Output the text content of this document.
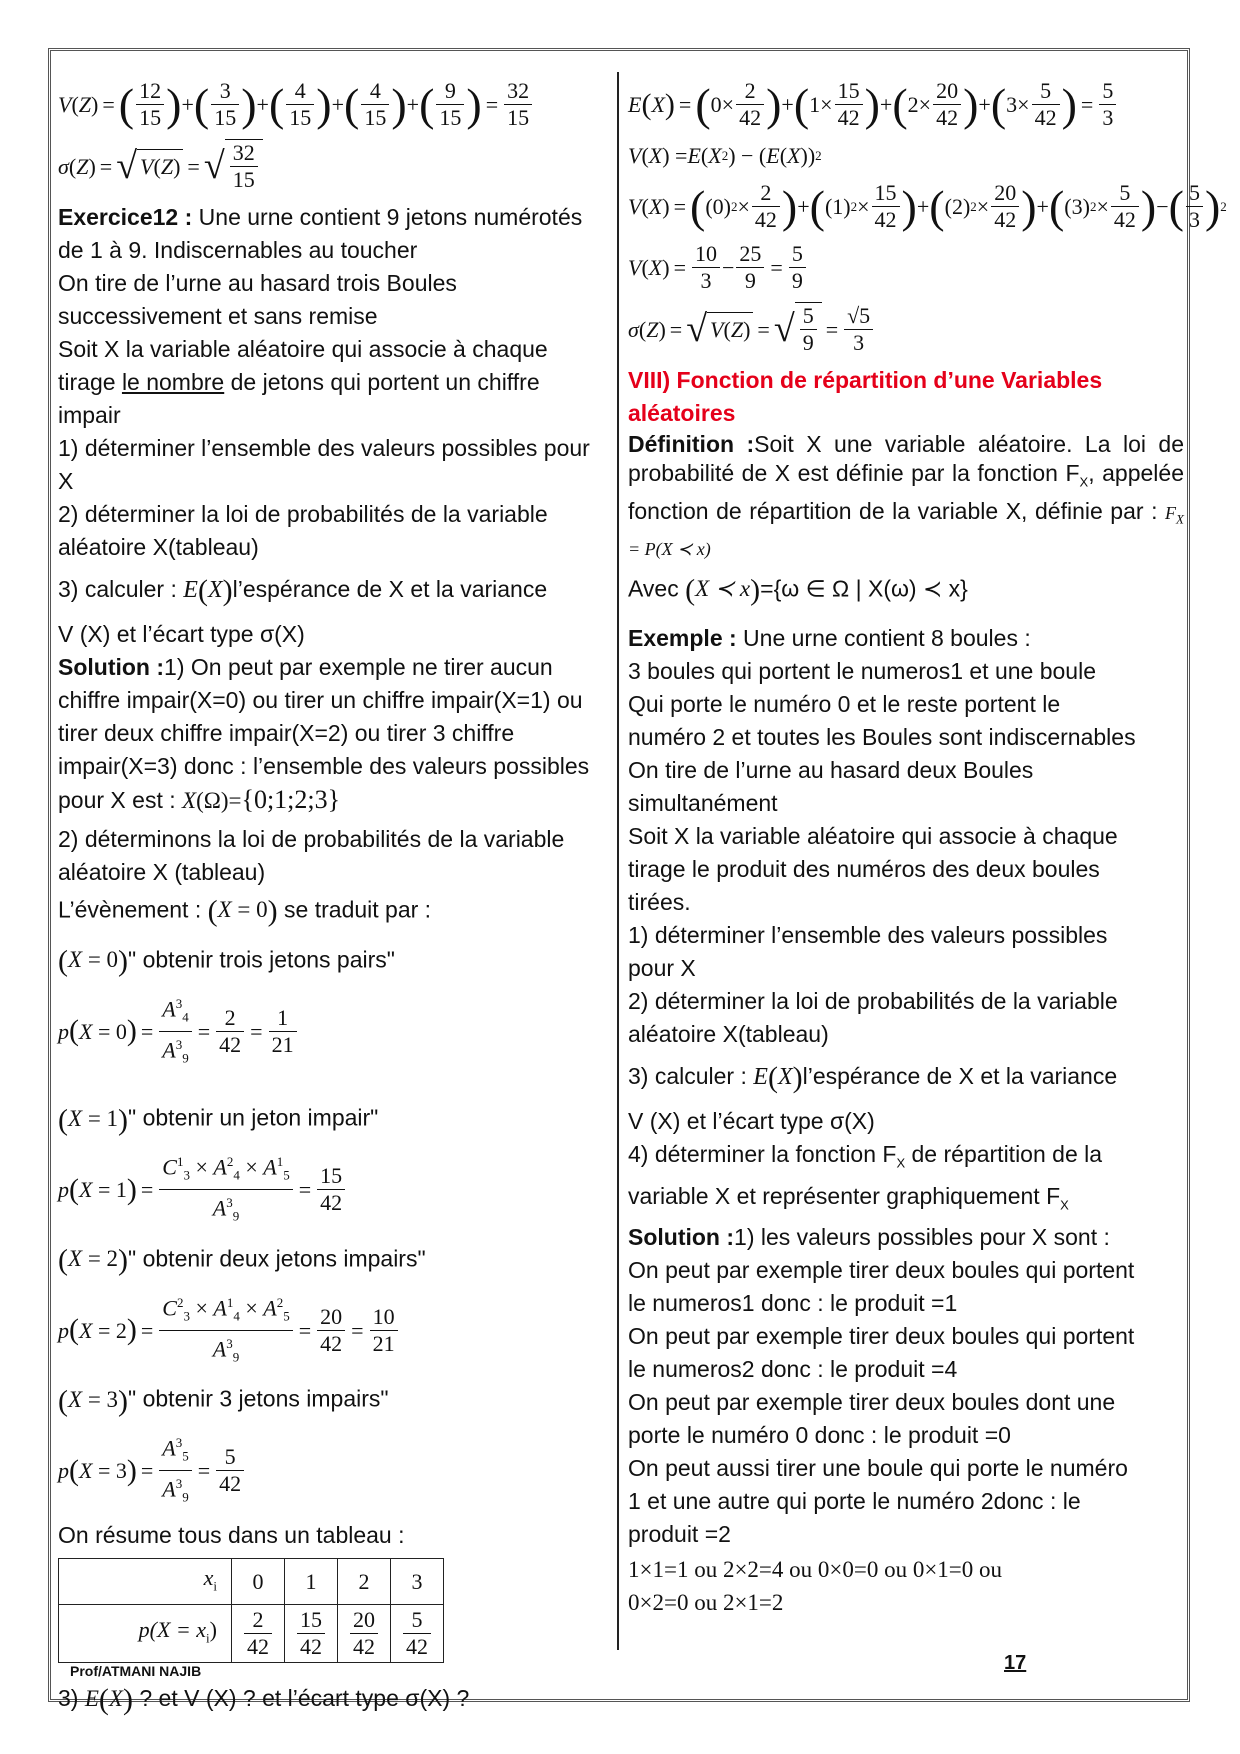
V ( Z ) = ( 12
15 ) + ( 3
15 ) + ( 4
15 ) + ( 4
15 ) + ( 9
15 ) = $\frac{32}{15}$
σ ( Z ) = √ V(Z) = √ $\frac{32}{15}$

Exercice12 : Une urne contient 9 jetons numérotés de 1 à 9. Indiscernables au toucher

On tire de l’urne au hasard trois Boules successivement et sans remise

Soit X la variable aléatoire qui associe à chaque tirage le nombre de jetons qui portent un chiffre impair

1) déterminer l’ensemble des valeurs possibles pour X

2) déterminer la loi de probabilités de la variable aléatoire X(tableau)

3) calculer : E(X)l’espérance de X et la variance

V (X) et l’écart type σ(X)

Solution :1) On peut par exemple ne tirer aucun chiffre impair(X=0) ou tirer un chiffre impair(X=1) ou tirer deux chiffre impair(X=2) ou tirer 3 chiffre impair(X=3) donc : l’ensemble des valeurs possibles pour X est : X(Ω)={0;1;2;3}

2) déterminons la loi de probabilités de la variable aléatoire X (tableau)

L’évènement : (X = 0) se traduit par :

(X = 0)" obtenir trois jetons pairs"

p ( X = 0 ) = $\frac{A^3_4}{A^3_9} = \frac{2}{42} = \frac{1}{21}$

(X = 1)" obtenir un jeton impair"

p ( X = 1 ) = $\frac{C^1_3 \times A^2_4 \times A^1_5}{A^3_9} = \frac{15}{42}$

(X = 2)" obtenir deux jetons impairs"

p ( X = 2 ) = $\frac{C^2_3 \times A^1_4 \times A^2_5}{A^3_9} = \frac{20}{42} = \frac{10}{21}$

(X = 3)" obtenir 3 jetons impairs"

p ( X = 3 ) = $\frac{A^3_5}{A^3_9} = \frac{5}{42}$

On résume tous dans un tableau :

$x_i$	0	1	2	3
$p(X = x_i)$	$\frac{2}{42}$	$\frac{15}{42}$	$\frac{20}{42}$	$\frac{5}{42}$

3) E(X) ? et V (X) ? et l’écart type σ(X) ?

E ( X ) = ( 0×
2
42 ) + ( 1×
15
42 ) + ( 2×
20
42 ) + ( 3×
5
42 ) = $\frac{5}{3}$
V ( X ) = E ( X 2 ) − ( E ( X )) 2
V ( X ) = ( (0) 2 ×
2
42 ) + ( (1) 2 ×
15
42 ) + ( (2) 2 ×
20
42 ) + ( (3) 2 ×
5
42 ) − ( 5
3 ) 2
V ( X ) = $\frac{10}{3} - \frac{25}{9} = \frac{5}{9}$
σ ( Z ) = √ V(Z) = √ $\frac{5}{9} = \frac{√5}{3}$

VIII) Fonction de répartition d’une Variables aléatoires

Définition :Soit X une variable aléatoire. La loi de probabilité de X est définie par la fonction $F_X$, appelée fonction de répartition de la variable X, définie par : $F_X = P(X$ ≺ x)

Avec (X ≺ x)={ω ∈ Ω | X(ω) ≺ x}

Exemple : Une urne contient 8 boules :

3 boules qui portent le numeros1 et une boule

Qui porte le numéro 0 et le reste portent le

numéro 2 et toutes les Boules sont indiscernables

On tire de l’urne au hasard deux Boules

simultanément

Soit X la variable aléatoire qui associe à chaque

tirage le produit des numéros des deux boules

tirées.

1) déterminer l’ensemble des valeurs possibles

pour X

2) déterminer la loi de probabilités de la variable

aléatoire X(tableau)

3) calculer : E(X)l’espérance de X et la variance

V (X) et l’écart type σ(X)

4) déterminer la fonction $F_X$ de répartition de la

variable X et représenter graphiquement $F_X$

Solution :1) les valeurs possibles pour X sont :

On peut par exemple tirer deux boules qui portent

le numeros1 donc : le produit =1

On peut par exemple tirer deux boules qui portent

le numeros2 donc : le produit =4

On peut par exemple tirer deux boules dont une

porte le numéro 0 donc : le produit =0

On peut aussi tirer une boule qui porte le numéro

1 et une autre qui porte le numéro 2donc : le

produit =2

1×1=1 ou 2×2=4 ou 0×0=0 ou 0×1=0 ou

0×2=0 ou 2×1=2

Prof/ATMANI NAJIB	17
